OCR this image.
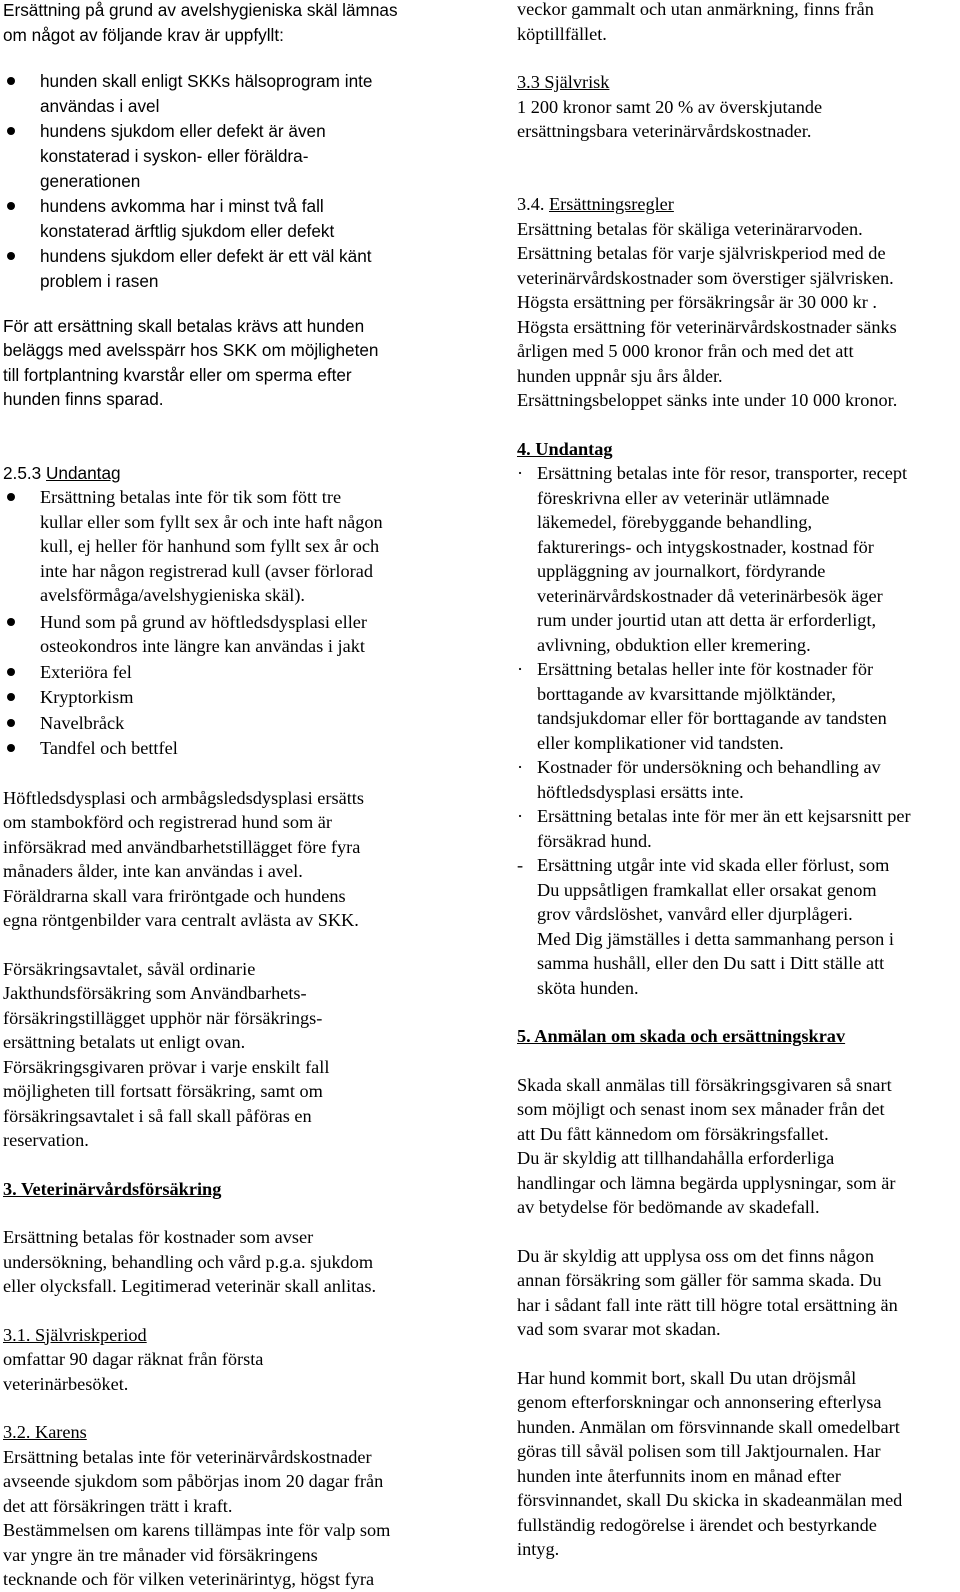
Ersättning på grund av avelshygieniska skäl lämnas
om något av följande krav är uppfyllt:

hunden skall enligt SKKs hälsoprogram inte
användas i avel
hundens sjukdom eller defekt är även
konstaterad i syskon- eller föräldra-
generationen
hundens avkomma har i minst två fall
konstaterad ärftlig sjukdom eller defekt
hundens sjukdom eller defekt är ett väl känt
problem i rasen

För att ersättning skall betalas krävs att hunden
beläggs med avelsspärr hos SKK om möjligheten
till fortplantning kvarstår eller om sperma efter
hunden finns sparad.

2.5.3 Undantag

Ersättning betalas inte för tik som fött tre
kullar eller som fyllt sex år och inte haft någon
kull, ej heller för hanhund som fyllt sex år och
inte har någon registrerad kull (avser förlorad
avelsförmåga/avelshygieniska skäl).
Hund som på grund av höftledsdysplasi eller
osteokondros inte längre kan användas i jakt
Exteriöra fel
Kryptorkism
Navelbråck
Tandfel och bettfel

Höftledsdysplasi och armbågsledsdysplasi ersätts
om stambokförd och registrerad hund som är
införsäkrad med användbarhetstillägget före fyra
månaders ålder, inte kan användas i avel.
Föräldrarna skall vara friröntgade och hundens
egna röntgenbilder vara centralt avlästa av SKK.

Försäkringsavtalet, såväl ordinarie
Jakthundsförsäkring som Användbarhets-
försäkringstillägget upphör när försäkrings-
ersättning betalats ut enligt ovan.
Försäkringsgivaren prövar i varje enskilt fall
möjligheten till fortsatt försäkring, samt om
försäkringsavtalet i så fall skall påföras en
reservation.

3. Veterinärvårdsförsäkring

Ersättning betalas för kostnader som avser
undersökning, behandling och vård p.g.a. sjukdom
eller olycksfall. Legitimerad veterinär skall anlitas.

3.1. Självriskperiod

omfattar 90 dagar räknat från första
veterinärbesöket.

3.2. Karens

Ersättning betalas inte för veterinärvårdskostnader
avseende sjukdom som påbörjas inom 20 dagar från
det att försäkringen trätt i kraft.
Bestämmelsen om karens tillämpas inte för valp som
var yngre än tre månader vid försäkringens
tecknande och för vilken veterinärintyg, högst fyra

veckor gammalt och utan anmärkning, finns från
köptillfället.

3.3 Självrisk

1 200 kronor samt 20 % av överskjutande
ersättningsbara veterinärvårdskostnader.

3.4. Ersättningsregler

Ersättning betalas för skäliga veterinärarvoden.
Ersättning betalas för varje självriskperiod med de
veterinärvårdskostnader som överstiger självrisken.
Högsta ersättning per försäkringsår är 30 000 kr .
Högsta ersättning för veterinärvårdskostnader sänks
årligen med 5 000 kronor från och med det att
hunden uppnår sju års ålder.
Ersättningsbeloppet sänks inte under 10 000 kronor.

4. Undantag

· Ersättning betalas inte för resor, transporter, recept
föreskrivna eller av veterinär utlämnade
läkemedel, förebyggande behandling,
fakturerings- och intygskostnader, kostnad för
uppläggning av journalkort, fördyrande
veterinärvårdskostnader då veterinärbesök äger
rum under jourtid utan att detta är erforderligt,
avlivning, obduktion eller kremering.
· Ersättning betalas heller inte för kostnader för
borttagande av kvarsittande mjölktänder,
tandsjukdomar eller för borttagande av tandsten
eller komplikationer vid tandsten.
· Kostnader för undersökning och behandling av
höftledsdysplasi ersätts inte.
· Ersättning betalas inte för mer än ett kejsarsnitt per
försäkrad hund.
- Ersättning utgår inte vid skada eller förlust, som
Du uppsåtligen framkallat eller orsakat genom
grov vårdslöshet, vanvård eller djurplågeri.
Med Dig jämställes i detta sammanhang person i
samma hushåll, eller den Du satt i Ditt ställe att
sköta hunden.

5. Anmälan om skada och ersättningskrav

Skada skall anmälas till försäkringsgivaren så snart
som möjligt och senast inom sex månader från det
att Du fått kännedom om försäkringsfallet.
Du är skyldig att tillhandahålla erforderliga
handlingar och lämna begärda upplysningar, som är
av betydelse för bedömande av skadefall.

Du är skyldig att upplysa oss om det finns någon
annan försäkring som gäller för samma skada. Du
har i sådant fall inte rätt till högre total ersättning än
vad som svarar mot skadan.

Har hund kommit bort, skall Du utan dröjsmål
genom efterforskningar och annonsering efterlysa
hunden. Anmälan om försvinnande skall omedelbart
göras till såväl polisen som till Jaktjournalen. Har
hunden inte återfunnits inom en månad efter
försvinnandet, skall Du skicka in skadeanmälan med
fullständig redogörelse i ärendet och bestyrkande
intyg.
